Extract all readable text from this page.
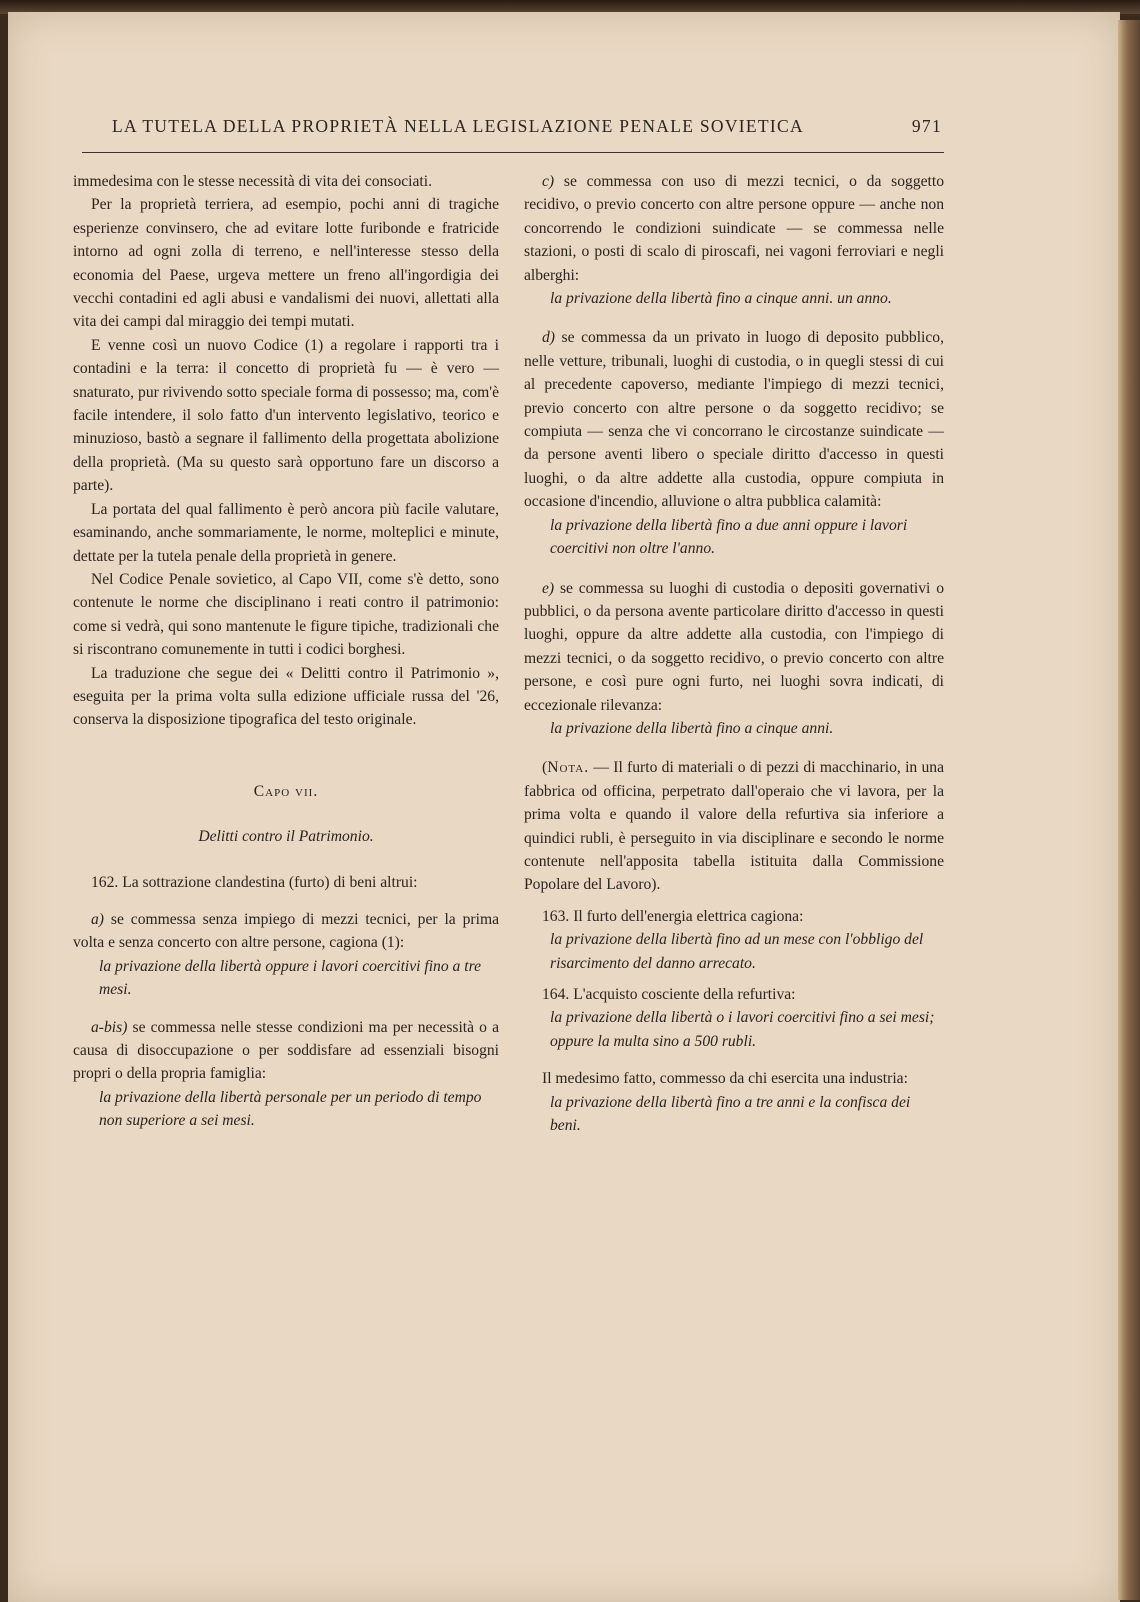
LA TUTELA DELLA PROPRIETÀ NELLA LEGISLAZIONE PENALE SOVIETICA	971

immedesima con le stesse necessità di vita dei consociati.

Per la proprietà terriera, ad esempio, pochi anni di tragiche esperienze convinsero, che ad evitare lotte furibonde e fratricide intorno ad ogni zolla di terreno, e nell'interesse stesso della economia del Paese, urgeva mettere un freno all'ingordigia dei vecchi contadini ed agli abusi e vandalismi dei nuovi, allettati alla vita dei campi dal miraggio dei tempi mutati.

E venne così un nuovo Codice (1) a regolare i rapporti tra i contadini e la terra: il concetto di proprietà fu — è vero — snaturato, pur rivivendo sotto speciale forma di possesso; ma, com'è facile intendere, il solo fatto d'un intervento legislativo, teorico e minuzioso, bastò a segnare il fallimento della progettata abolizione della proprietà. (Ma su questo sarà opportuno fare un discorso a parte).

La portata del qual fallimento è però ancora più facile valutare, esaminando, anche sommariamente, le norme, molteplici e minute, dettate per la tutela penale della proprietà in genere.

Nel Codice Penale sovietico, al Capo VII, come s'è detto, sono contenute le norme che disciplinano i reati contro il patrimonio: come si vedrà, qui sono mantenute le figure tipiche, tradizionali che si riscontrano comunemente in tutti i codici borghesi.

La traduzione che segue dei « Delitti contro il Patrimonio », eseguita per la prima volta sulla edizione ufficiale russa del '26, conserva la disposizione tipografica del testo originale.

Capo vii.

Delitti contro il Patrimonio.

162. La sottrazione clandestina (furto) di beni altrui:

a) se commessa senza impiego di mezzi tecnici, per la prima volta e senza concerto con altre persone, cagiona (1):

la privazione della libertà oppure i lavori coercitivi fino a tre mesi.

a-bis) se commessa nelle stesse condizioni ma per necessità o a causa di disoccupazione o per soddisfare ad essenziali bisogni propri o della propria famiglia:

la privazione della libertà personale per un periodo di tempo non superiore a sei mesi.

c) se commessa con uso di mezzi tecnici, o da soggetto recidivo, o previo concerto con altre persone oppure — anche non concorrendo le condizioni suindicate — se commessa nelle stazioni, o posti di scalo di piroscafi, nei vagoni ferroviari e negli alberghi:

la privazione della libertà fino a cinque anni. un anno.

d) se commessa da un privato in luogo di deposito pubblico, nelle vetture, tribunali, luoghi di custodia, o in quegli stessi di cui al precedente capoverso, mediante l'impiego di mezzi tecnici, previo concerto con altre persone o da soggetto recidivo; se compiuta — senza che vi concorrano le circostanze suindicate — da persone aventi libero o speciale diritto d'accesso in questi luoghi, o da altre addette alla custodia, oppure compiuta in occasione d'incendio, alluvione o altra pubblica calamità:

la privazione della libertà fino a due anni oppure i lavori coercitivi non oltre l'anno.

e) se commessa su luoghi di custodia o depositi governativi o pubblici, o da persona avente particolare diritto d'accesso in questi luoghi, oppure da altre addette alla custodia, con l'impiego di mezzi tecnici, o da soggetto recidivo, o previo concerto con altre persone, e così pure ogni furto, nei luoghi sovra indicati, di eccezionale rilevanza:

la privazione della libertà fino a cinque anni.

(Nota. — Il furto di materiali o di pezzi di macchinario, in una fabbrica od officina, perpetrato dall'operaio che vi lavora, per la prima volta e quando il valore della refurtiva sia inferiore a quindici rubli, è perseguito in via disciplinare e secondo le norme contenute nell'apposita tabella istituita dalla Commissione Popolare del Lavoro).

163. Il furto dell'energia elettrica cagiona:

la privazione della libertà fino ad un mese con l'obbligo del risarcimento del danno arrecato.

164. L'acquisto cosciente della refurtiva:

la privazione della libertà o i lavori coercitivi fino a sei mesi; oppure la multa sino a 500 rubli.

Il medesimo fatto, commesso da chi esercita una industria:

la privazione della libertà fino a tre anni e la confisca dei beni.
